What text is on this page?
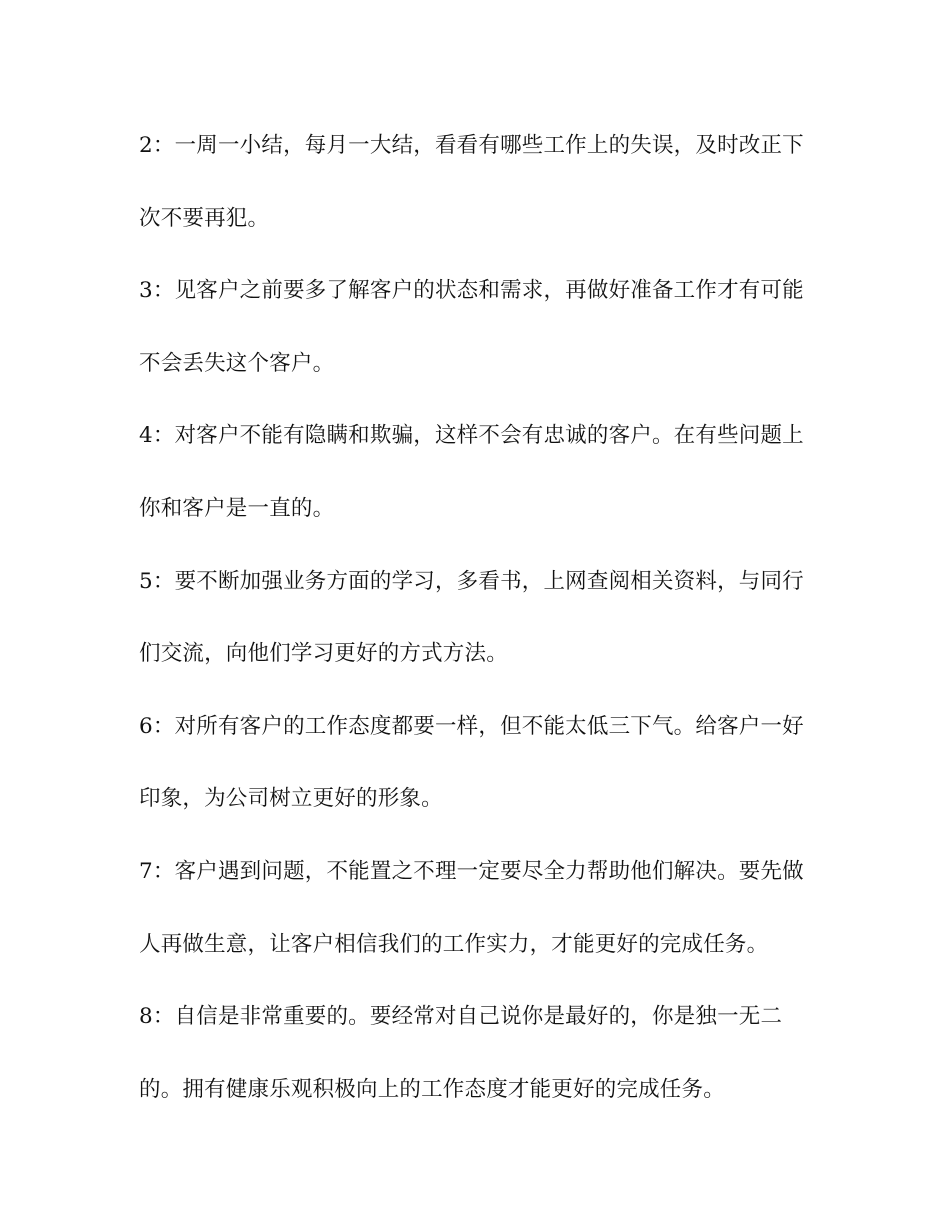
2：一周一小结，每月一大结，看看有哪些工作上的失误，及时改正下
次不要再犯。
3：见客户之前要多了解客户的状态和需求，再做好准备工作才有可能
不会丢失这个客户。
4：对客户不能有隐瞒和欺骗，这样不会有忠诚的客户。在有些问题上
你和客户是一直的。
5：要不断加强业务方面的学习，多看书，上网查阅相关资料，与同行
们交流，向他们学习更好的方式方法。
6：对所有客户的工作态度都要一样，但不能太低三下气。给客户一好
印象，为公司树立更好的形象。
7：客户遇到问题，不能置之不理一定要尽全力帮助他们解决。要先做
人再做生意，让客户相信我们的工作实力，才能更好的完成任务。
8：自信是非常重要的。要经常对自己说你是最好的，你是独一无二
的。拥有健康乐观积极向上的工作态度才能更好的完成任务。
